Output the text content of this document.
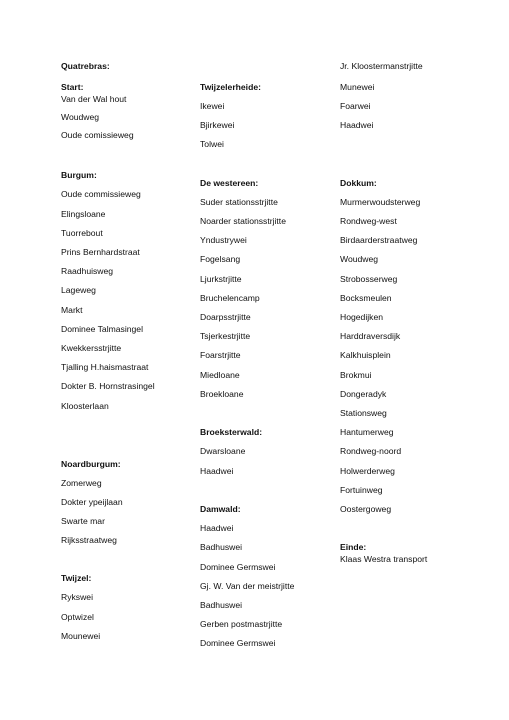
Quatrebras:
Start:
Van der Wal hout
Woudweg
Oude comissieweg
Burgum:
Oude commissieweg
Elingsloane
Tuorrebout
Prins Bernhardstraat
Raadhuisweg
Lageweg
Markt
Dominee Talmasingel
Kwekkersstrjitte
Tjalling H.haismastraat
Dokter B. Hornstrasingel
Kloosterlaan
Noardburgum:
Zomerweg
Dokter ypeijlaan
Swarte mar
Rijksstraatweg
Twijzel:
Rykswei
Optwizel
Mounewei
Twijzelerheide:
Ikewei
Bjirkewei
Tolwei
De westereen:
Suder stationsstrjitte
Noarder stationsstrjitte
Yndustrywei
Fogelsang
Ljurkstrjitte
Bruchelencamp
Doarpsstrjitte
Tsjerkestrjitte
Foarstrjitte
Miedloane
Broekloane
Broeksterwald:
Dwarsloane
Haadwei
Damwald:
Haadwei
Badhuswei
Dominee Germswei
Gj. W. Van der meistrjitte
Badhuswei
Gerben postmastrjitte
Dominee Germswei
Jr. Kloostermanstrjitte
Munewei
Foarwei
Haadwei
Dokkum:
Murmerwoudsterweg
Rondweg-west
Birdaarderstraatweg
Woudweg
Strobosserweg
Bocksmeulen
Hogedijken
Harddraversdijk
Kalkhuisplein
Brokmui
Dongeradyk
Stationsweg
Hantumerweg
Rondweg-noord
Holwerderweg
Fortuinweg
Oostergoweg
Einde:
Klaas Westra transport
